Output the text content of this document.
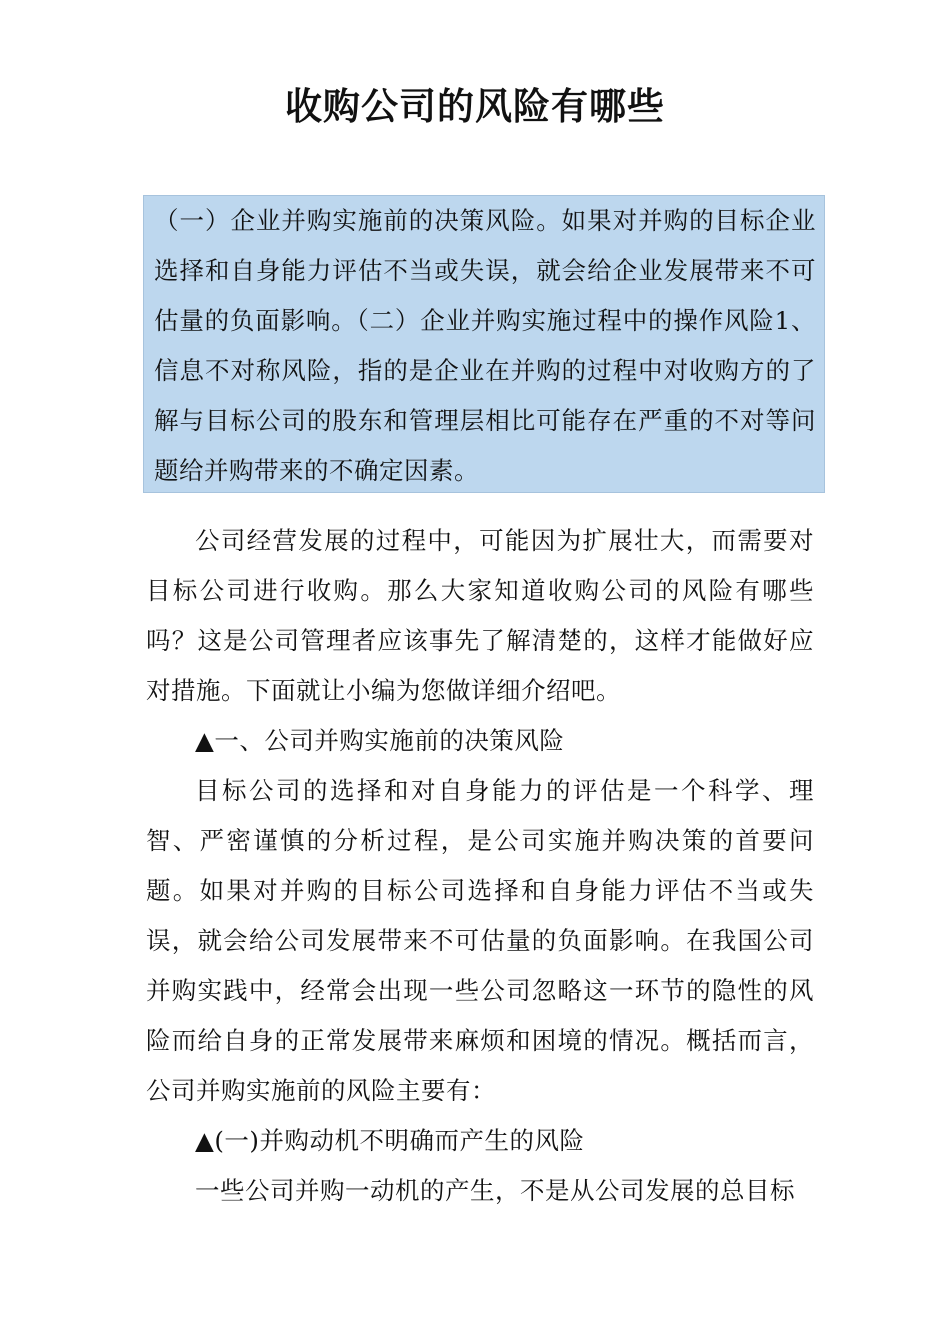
收购公司的风险有哪些

（一）企业并购实施前的决策风险。如果对并购的目标企业选择和自身能力评估不当或失误，就会给企业发展带来不可估量的负面影响。（二）企业并购实施过程中的操作风险1、信息不对称风险，指的是企业在并购的过程中对收购方的了解与目标公司的股东和管理层相比可能存在严重的不对等问题给并购带来的不确定因素。

公司经营发展的过程中，可能因为扩展壮大，而需要对目标公司进行收购。那么大家知道收购公司的风险有哪些吗？这是公司管理者应该事先了解清楚的，这样才能做好应对措施。下面就让小编为您做详细介绍吧。

▲一、公司并购实施前的决策风险

目标公司的选择和对自身能力的评估是一个科学、理智、严密谨慎的分析过程，是公司实施并购决策的首要问题。如果对并购的目标公司选择和自身能力评估不当或失误，就会给公司发展带来不可估量的负面影响。在我国公司并购实践中，经常会出现一些公司忽略这一环节的隐性的风险而给自身的正常发展带来麻烦和困境的情况。概括而言，公司并购实施前的风险主要有：

▲(一)并购动机不明确而产生的风险

一些公司并购一动机的产生，不是从公司发展的总目标
